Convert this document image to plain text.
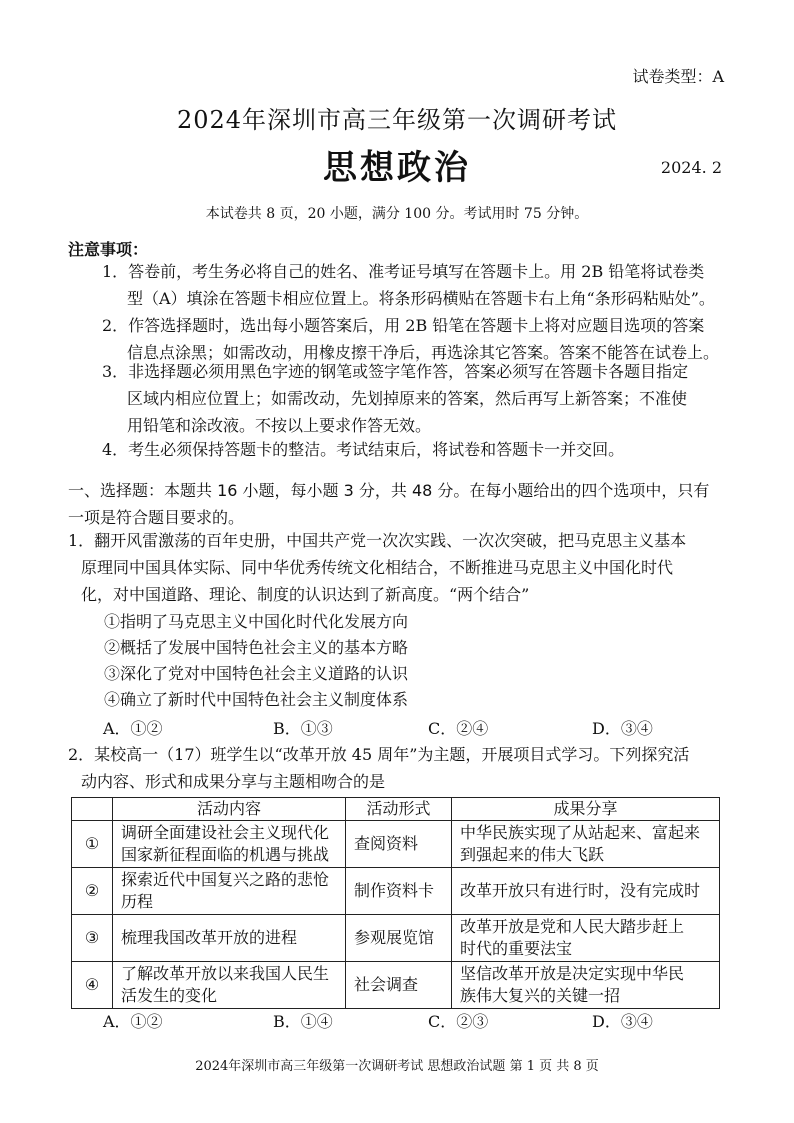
试卷类型：A
2024年深圳市高三年级第一次调研考试
思想政治	2024. 2
本试卷共 8 页，20 小题，满分 100 分。考试用时 75 分钟。
注意事项：
1．答卷前，考生务必将自己的姓名、准考证号填写在答题卡上。用 2B 铅笔将试卷类
型（A）填涂在答题卡相应位置上。将条形码横贴在答题卡右上角“条形码粘贴处”。
2．作答选择题时，选出每小题答案后，用 2B 铅笔在答题卡上将对应题目选项的答案
信息点涂黑；如需改动，用橡皮擦干净后，再选涂其它答案。答案不能答在试卷上。
3．非选择题必须用黑色字迹的钢笔或签字笔作答，答案必须写在答题卡各题目指定
区域内相应位置上；如需改动，先划掉原来的答案，然后再写上新答案；不准使
用铅笔和涂改液。不按以上要求作答无效。
4．考生必须保持答题卡的整洁。考试结束后，将试卷和答题卡一并交回。
一、选择题：本题共 16 小题，每小题 3 分，共 48 分。在每小题给出的四个选项中，只有
一项是符合题目要求的。
1．翻开风雷激荡的百年史册，中国共产党一次次实践、一次次突破，把马克思主义基本
原理同中国具体实际、同中华优秀传统文化相结合，不断推进马克思主义中国化时代
化，对中国道路、理论、制度的认识达到了新高度。“两个结合”
①指明了马克思主义中国化时代化发展方向
②概括了发展中国特色社会主义的基本方略
③深化了党对中国特色社会主义道路的认识
④确立了新时代中国特色社会主义制度体系
A．①②	B．①③	C．②④	D．③④
2．某校高一（17）班学生以“改革开放 45 周年”为主题，开展项目式学习。下列探究活
动内容、形式和成果分享与主题相吻合的是
	活动内容	活动形式	成果分享
①	调研全面建设社会主义现代化
国家新征程面临的机遇与挑战	查阅资料	中华民族实现了从站起来、富起来
到强起来的伟大飞跃
②	探索近代中国复兴之路的悲怆
历程	制作资料卡	改革开放只有进行时，没有完成时
③	梳理我国改革开放的进程	参观展览馆	改革开放是党和人民大踏步赶上
时代的重要法宝
④	了解改革开放以来我国人民生
活发生的变化	社会调查	坚信改革开放是决定实现中华民
族伟大复兴的关键一招
A．①②	B．①④	C．②③	D．③④
2024年深圳市高三年级第一次调研考试 思想政治试题 第 1 页 共 8 页
